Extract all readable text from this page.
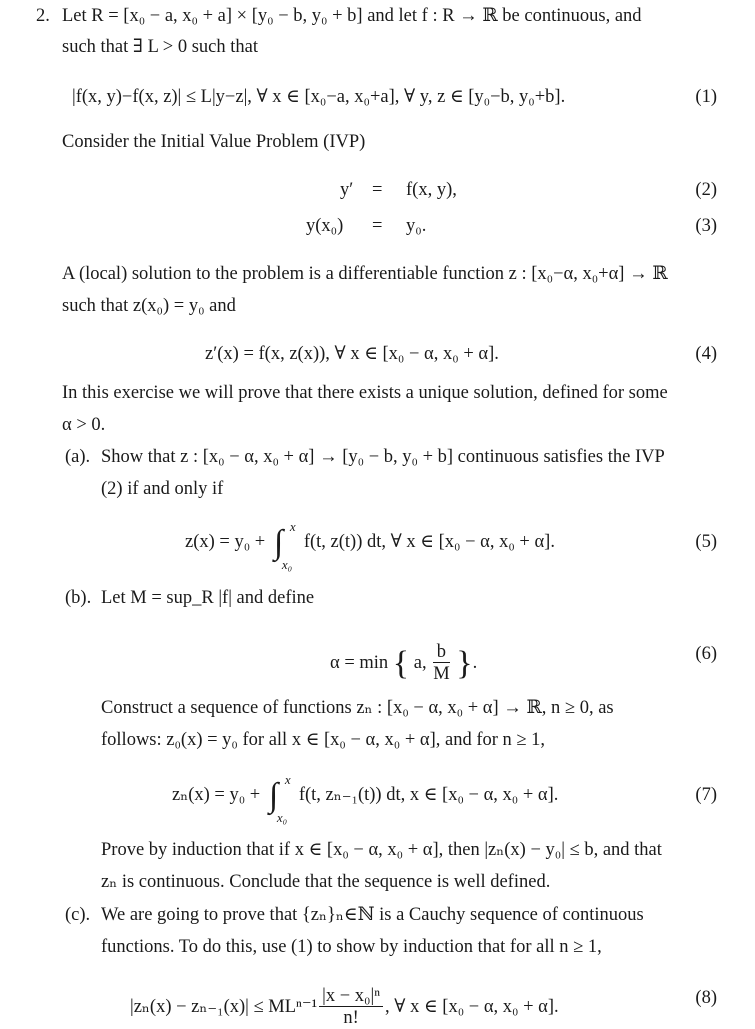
2. Let R = [x₀ − a, x₀ + a] × [y₀ − b, y₀ + b] and let f : R → ℝ be continuous, and
such that ∃ L > 0 such that
|f(x, y)−f(x, z)| ≤ L|y−z|, ∀ x ∈ [x₀−a, x₀+a], ∀ y, z ∈ [y₀−b, y₀+b].	(1)
Consider the Initial Value Problem (IVP)
y′ = f(x, y),	(2)
y(x₀) = y₀.	(3)
A (local) solution to the problem is a differentiable function z : [x₀−α, x₀+α] → ℝ
such that z(x₀) = y₀ and
z′(x) = f(x, z(x)), ∀ x ∈ [x₀ − α, x₀ + α].	(4)
In this exercise we will prove that there exists a unique solution, defined for some
α > 0.
(a). Show that z : [x₀ − α, x₀ + α] → [y₀ − b, y₀ + b] continuous satisfies the IVP
(2) if and only if
z(x) = y₀ + ∫ x
x₀
f(t, z(t)) dt, ∀ x ∈ [x₀ − α, x₀ + α].	(5)
(b). Let M = sup_R |f| and define
α = min { a, $\frac{b}{M}$ }.	(6)
Construct a sequence of functions zₙ : [x₀ − α, x₀ + α] → ℝ, n ≥ 0, as
follows: z₀(x) = y₀ for all x ∈ [x₀ − α, x₀ + α], and for n ≥ 1,
zₙ(x) = y₀ + ∫ x
x₀
f(t, zₙ₋₁(t)) dt, x ∈ [x₀ − α, x₀ + α].	(7)
Prove by induction that if x ∈ [x₀ − α, x₀ + α], then |zₙ(x) − y₀| ≤ b, and that
zₙ is continuous. Conclude that the sequence is well defined.
(c). We are going to prove that {zₙ}ₙ∈ℕ is a Cauchy sequence of continuous
functions. To do this, use (1) to show by induction that for all n ≥ 1,
$|z_n(x) - z_{n-1}(x)| \le ML^{n-1} \frac{\text{|x − x₀|ⁿ}}{n!}$ , ∀ x ∈ [x₀ − α, x₀ + α].	(8)
